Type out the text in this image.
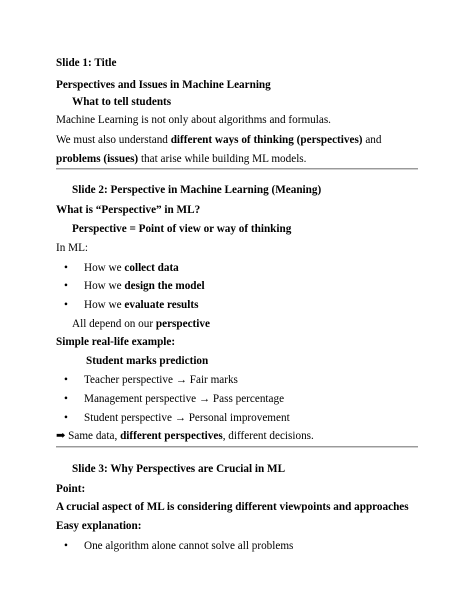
Slide 1: Title
Perspectives and Issues in Machine Learning
What to tell students
Machine Learning is not only about algorithms and formulas.
We must also understand different ways of thinking (perspectives) and
problems (issues) that arise while building ML models.
Slide 2: Perspective in Machine Learning (Meaning)
What is “Perspective” in ML?
Perspective = Point of view or way of thinking
In ML:
• How we collect data
• How we design the model
• How we evaluate results
All depend on our perspective
Simple real-life example:
Student marks prediction
• Teacher perspective → Fair marks
• Management perspective → Pass percentage
• Student perspective → Personal improvement
➡ Same data, different perspectives, different decisions.
Slide 3: Why Perspectives are Crucial in ML
Point:
A crucial aspect of ML is considering different viewpoints and approaches
Easy explanation:
• One algorithm alone cannot solve all problems
